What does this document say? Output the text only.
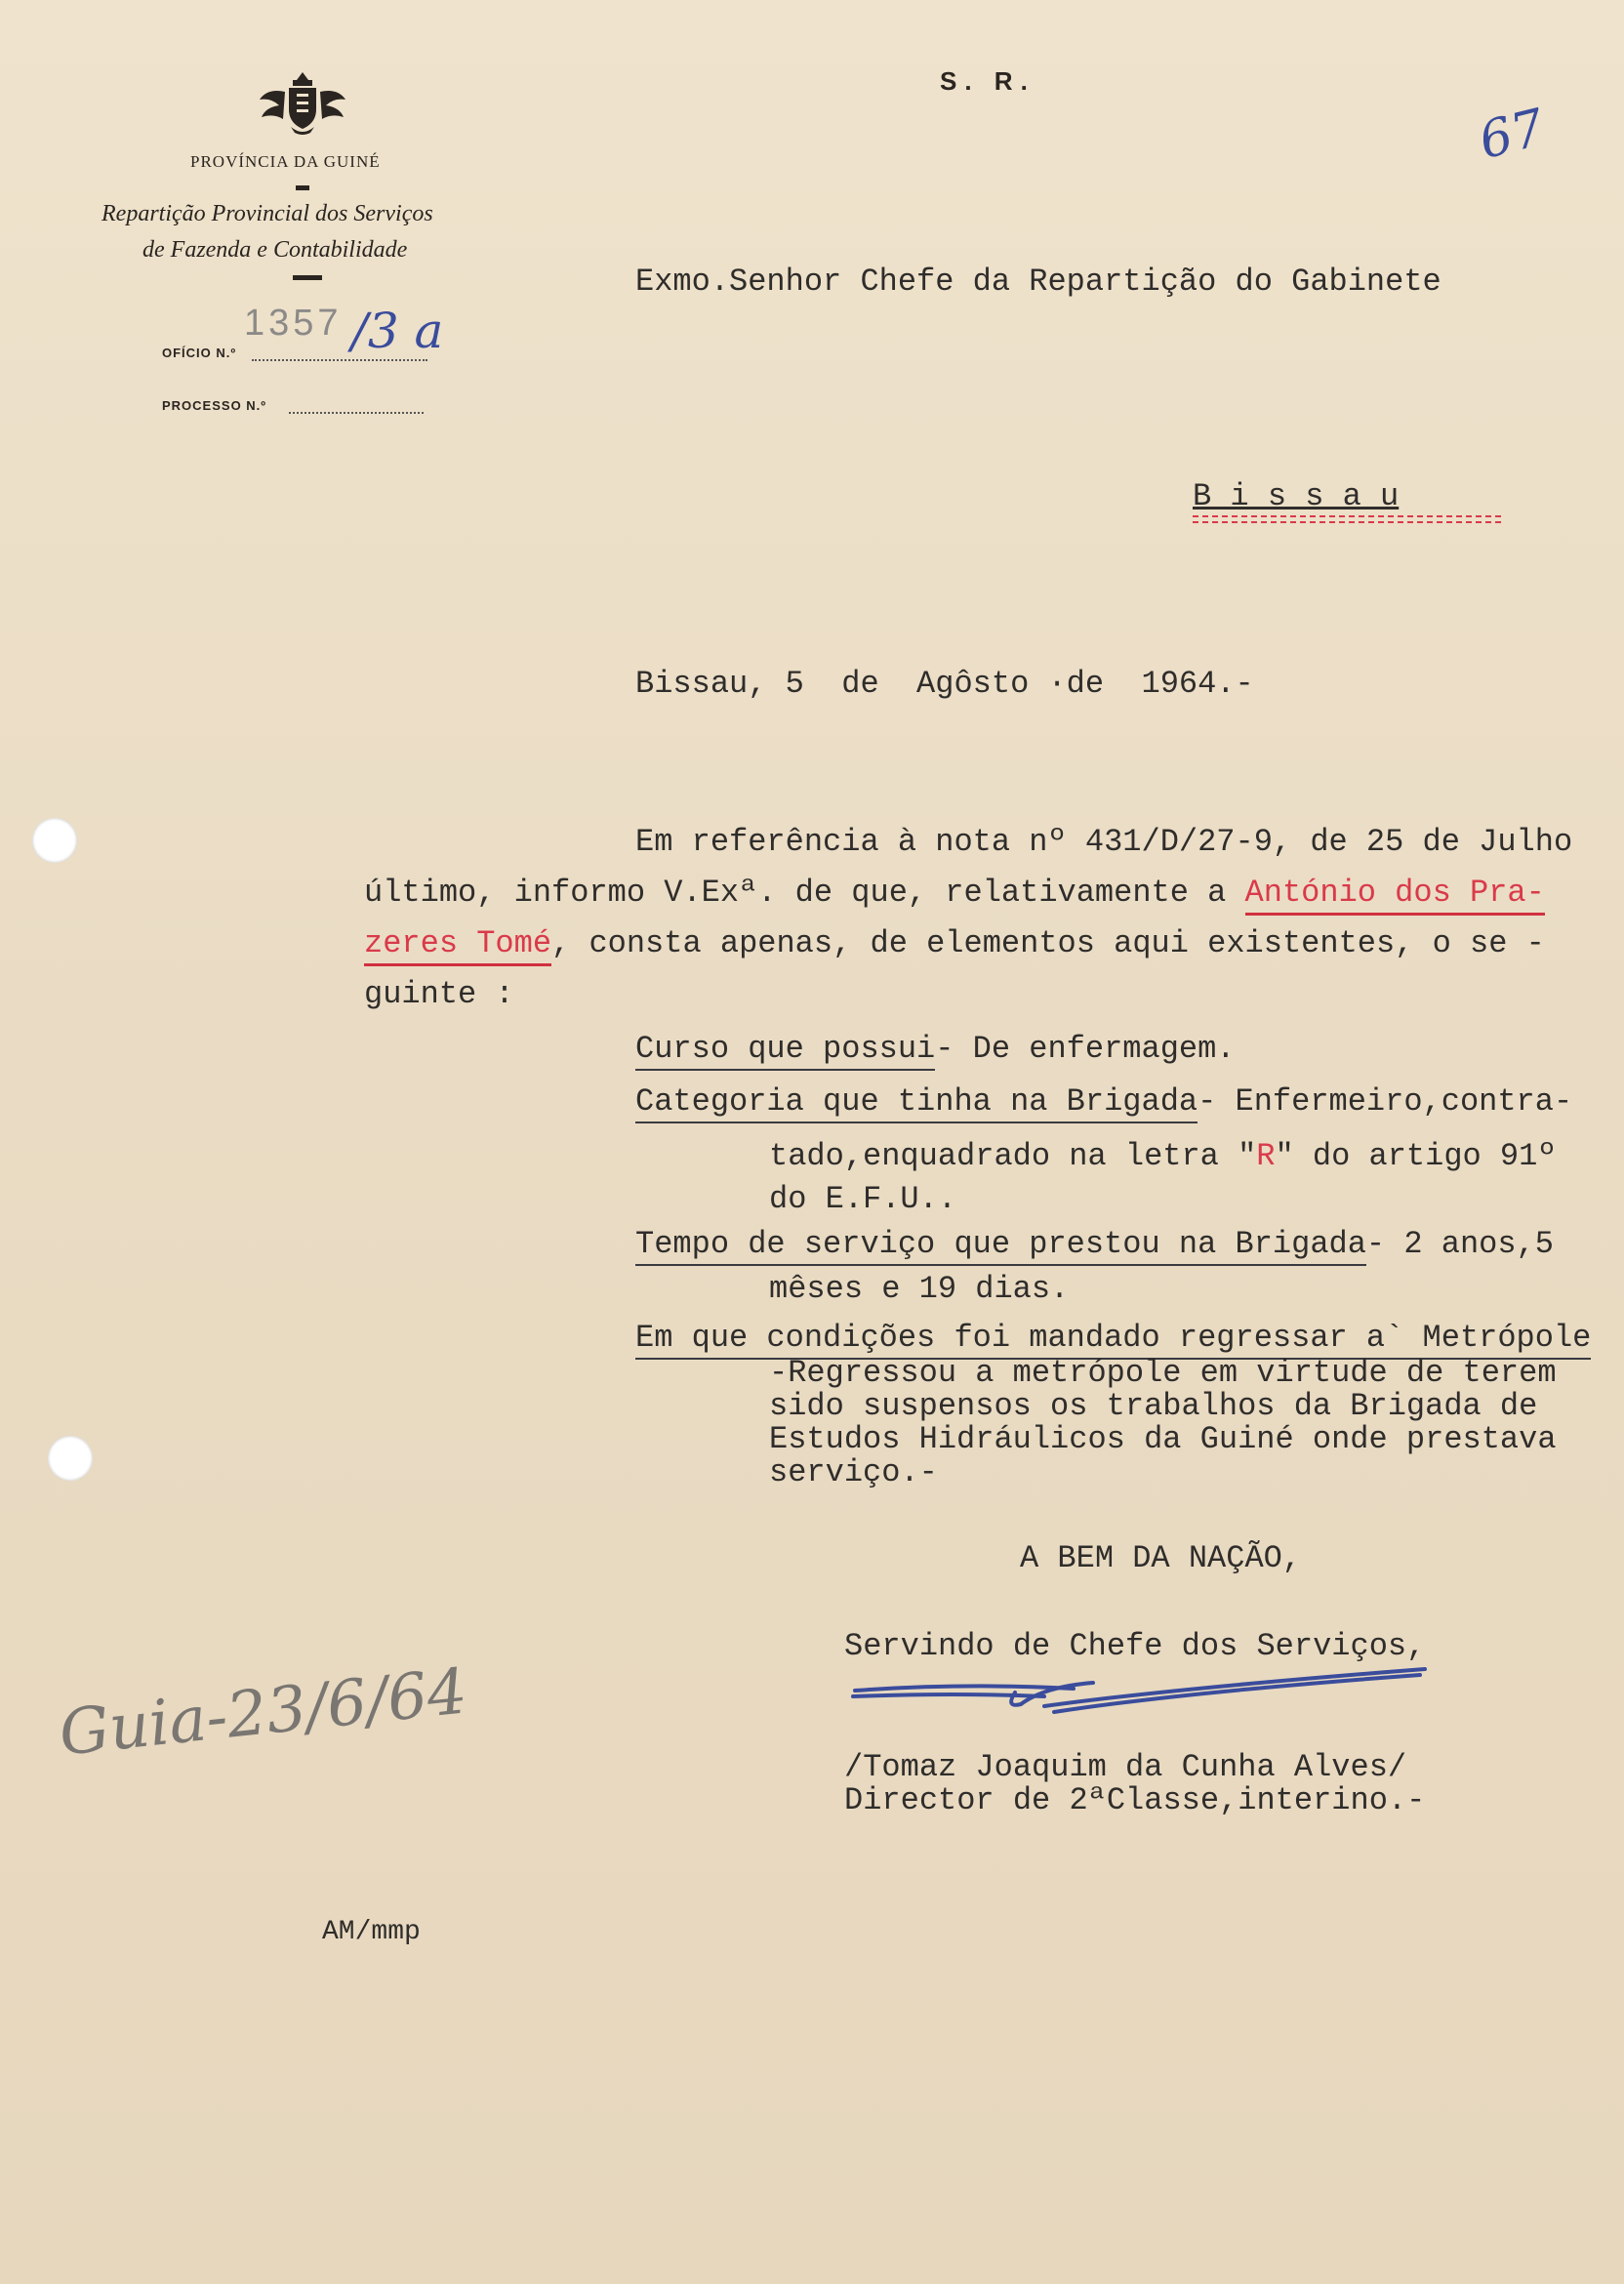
PROVÍNCIA DA GUINÉ
Repartição Provincial dos Serviços
de Fazenda e Contabilidade
OFÍCIO N.º
1357 /3 a
PROCESSO N.º
S. R.
67
Exmo.Senhor Chefe da Repartição do Gabinete
B i s s a u
Bissau, 5  de  Agôsto ·de  1964.-
Em referência à nota nº 431/D/27-9, de 25 de Julho
último, informo V.Exª. de que, relativamente a António dos Pra-
zeres Tomé, consta apenas, de elementos aqui existentes, o se -
guinte :
Curso que possui- De enfermagem.
Categoria que tinha na Brigada- Enfermeiro,contra-
tado,enquadrado na letra "R" do artigo 91º
do E.F.U..
Tempo de serviço que prestou na Brigada- 2 anos,5
mêses e 19 dias.
Em que condições foi mandado regressar a` Metrópole
-Regressou a metrópole em virtude de terem
sido suspensos os trabalhos da Brigada de
Estudos Hidráulicos da Guiné onde prestava
serviço.-
A BEM DA NAÇÃO,
Servindo de Chefe dos Serviços,
/Tomaz Joaquim da Cunha Alves/
Director de 2ªClasse,interino.-
AM/mmp
Guia-23/6/64
